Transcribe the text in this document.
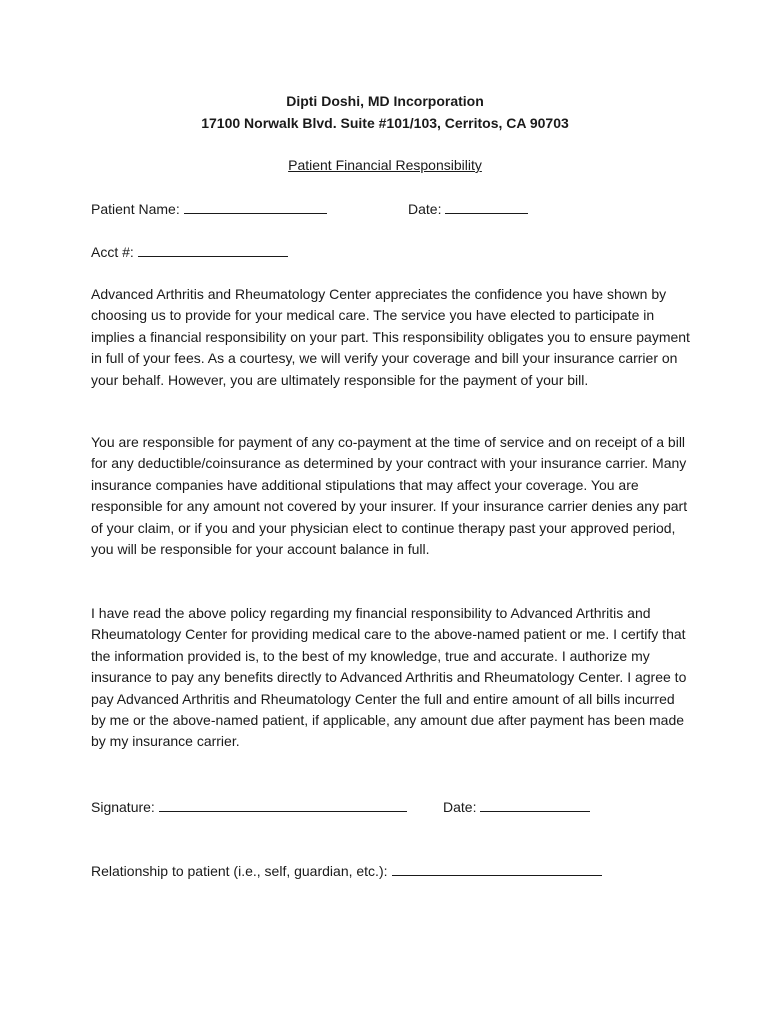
Dipti Doshi, MD Incorporation
17100 Norwalk Blvd. Suite #101/103, Cerritos, CA 90703
Patient Financial Responsibility
Patient Name:	Date:
Acct #:

Advanced Arthritis and Rheumatology Center appreciates the confidence you have shown by choosing us to provide for your medical care. The service you have elected to participate in implies a financial responsibility on your part. This responsibility obligates you to ensure payment in full of your fees. As a courtesy, we will verify your coverage and bill your insurance carrier on your behalf. However, you are ultimately responsible for the payment of your bill.

You are responsible for payment of any co-payment at the time of service and on receipt of a bill for any deductible/coinsurance as determined by your contract with your insurance carrier. Many insurance companies have additional stipulations that may affect your coverage. You are responsible for any amount not covered by your insurer. If your insurance carrier denies any part of your claim, or if you and your physician elect to continue therapy past your approved period, you will be responsible for your account balance in full.

I have read the above policy regarding my financial responsibility to Advanced Arthritis and Rheumatology Center for providing medical care to the above-named patient or me. I certify that the information provided is, to the best of my knowledge, true and accurate. I authorize my insurance to pay any benefits directly to Advanced Arthritis and Rheumatology Center. I agree to pay Advanced Arthritis and Rheumatology Center the full and entire amount of all bills incurred by me or the above-named patient, if applicable, any amount due after payment has been made by my insurance carrier.

Signature:	Date:
Relationship to patient (i.e., self, guardian, etc.):
